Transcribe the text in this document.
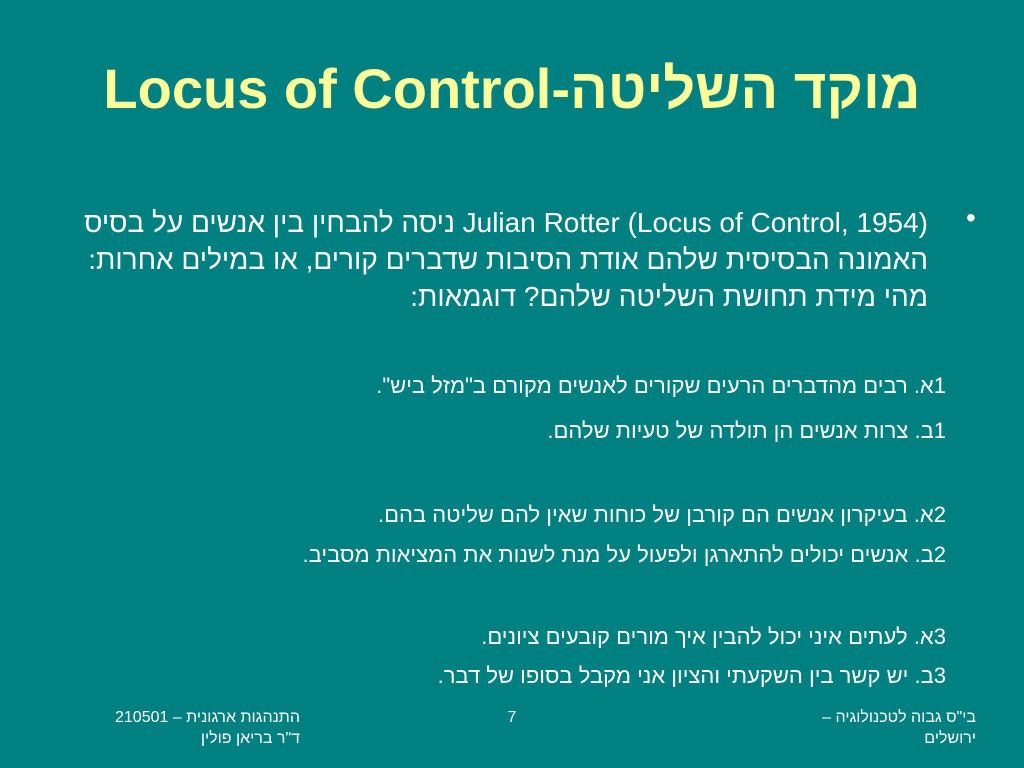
Locus of Control-מוקד השליטה
•
Julian Rotter (Locus of Control, 1954) ניסה להבחין בין אנשים על בסיס האמונה הבסיסית שלהם אודת הסיבות שדברים קורים, או במילים אחרות: מהי מידת תחושת השליטה שלהם? דוגמאות:
1א. רבים מהדברים הרעים שקורים לאנשים מקורם ב"מזל ביש".
1ב. צרות אנשים הן תולדה של טעיות שלהם.
2א. בעיקרון אנשים הם קורבן של כוחות שאין להם שליטה בהם.
2ב. אנשים יכולים להתארגן ולפעול על מנת לשנות את המציאות מסביב.
3א. לעתים איני יכול להבין איך מורים קובעים ציונים.
3ב. יש קשר בין השקעתי והציון אני מקבל בסופו של דבר.
התנהגות ארגונית – 210501
ד"ר בריאן פולין
7	בי"ס גבוה לטכנולוגיה –
ירושלים
